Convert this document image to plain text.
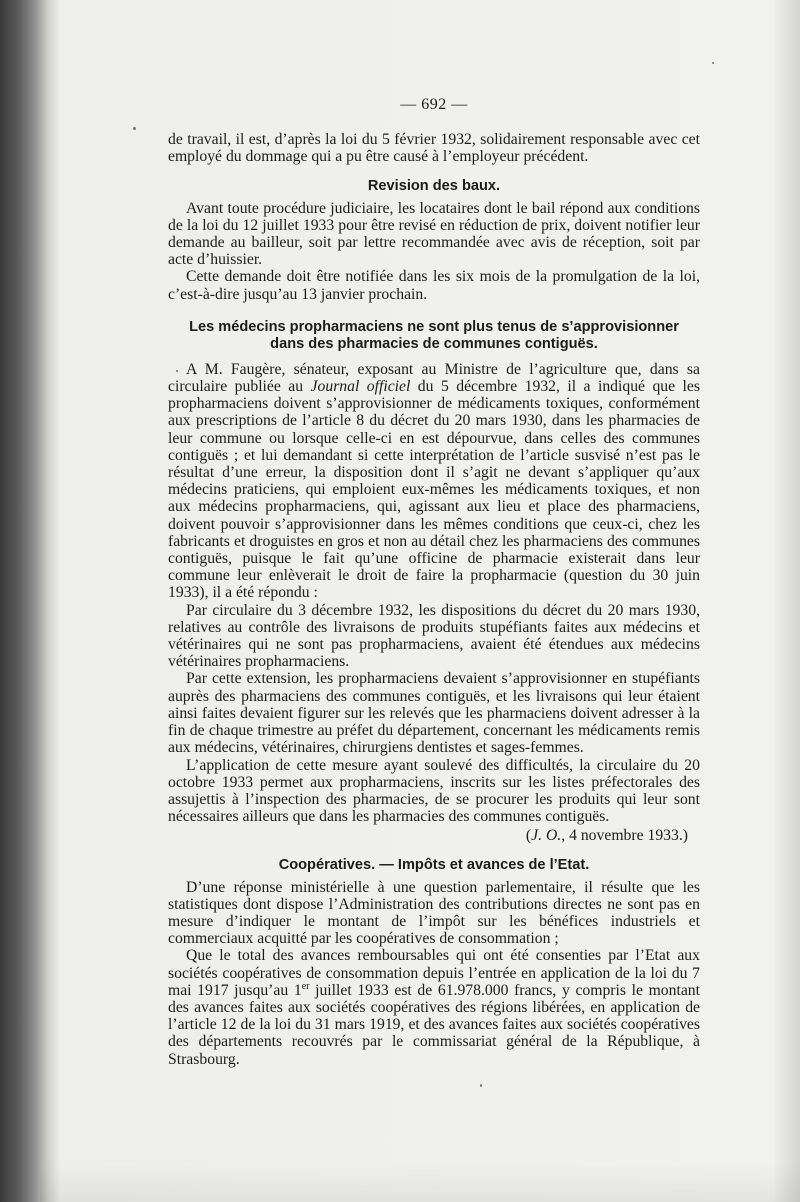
— 692 —

de travail, il est, d’après la loi du 5 février 1932, solidairement responsable avec cet employé du dommage qui a pu être causé à l’employeur précédent.

Revision des baux.

Avant toute procédure judiciaire, les locataires dont le bail répond aux conditions de la loi du 12 juillet 1933 pour être revisé en réduction de prix, doivent notifier leur demande au bailleur, soit par lettre recommandée avec avis de réception, soit par acte d’huissier.

Cette demande doit être notifiée dans les six mois de la promulgation de la loi, c’est-à-dire jusqu’au 13 janvier prochain.

Les médecins propharmaciens ne sont plus tenus de s’approvisionner
dans des pharmacies de communes contiguës.

A M. Faugère, sénateur, exposant au Ministre de l’agriculture que, dans sa circulaire publiée au Journal officiel du 5 décembre 1932, il a indiqué que les propharmaciens doivent s’approvisionner de médicaments toxiques, conformément aux prescriptions de l’article 8 du décret du 20 mars 1930, dans les pharmacies de leur commune ou lorsque celle-ci en est dépourvue, dans celles des communes contiguës ; et lui demandant si cette interprétation de l’article susvisé n’est pas le résultat d’une erreur, la disposition dont il s’agit ne devant s’appliquer qu’aux médecins praticiens, qui emploient eux-mêmes les médicaments toxiques, et non aux médecins propharmaciens, qui, agissant aux lieu et place des pharmaciens, doivent pouvoir s’approvisionner dans les mêmes conditions que ceux-ci, chez les fabricants et droguistes en gros et non au détail chez les pharmaciens des communes contiguës, puisque le fait qu’une officine de pharmacie existerait dans leur commune leur enlèverait le droit de faire la propharmacie (question du 30 juin 1933), il a été répondu :

Par circulaire du 3 décembre 1932, les dispositions du décret du 20 mars 1930, relatives au contrôle des livraisons de produits stupéfiants faites aux médecins et vétérinaires qui ne sont pas propharmaciens, avaient été étendues aux médecins vétérinaires propharmaciens.

Par cette extension, les propharmaciens devaient s’approvisionner en stupéfiants auprès des pharmaciens des communes contiguës, et les livraisons qui leur étaient ainsi faites devaient figurer sur les relevés que les pharmaciens doivent adresser à la fin de chaque trimestre au préfet du département, concernant les médicaments remis aux médecins, vétérinaires, chirurgiens dentistes et sages-femmes.

L’application de cette mesure ayant soulevé des difficultés, la circulaire du 20 octobre 1933 permet aux propharmaciens, inscrits sur les listes préfectorales des assujettis à l’inspection des pharmacies, de se procurer les produits qui leur sont nécessaires ailleurs que dans les pharmacies des communes contiguës.

(J. O., 4 novembre 1933.)
Coopératives. — Impôts et avances de l’Etat.

D’une réponse ministérielle à une question parlementaire, il résulte que les statistiques dont dispose l’Administration des contributions directes ne sont pas en mesure d’indiquer le montant de l’impôt sur les bénéfices industriels et commerciaux acquitté par les coopératives de consommation ;

Que le total des avances remboursables qui ont été consenties par l’Etat aux sociétés coopératives de consommation depuis l’entrée en application de la loi du 7 mai 1917 jusqu’au 1er juillet 1933 est de 61.978.000 francs, y compris le montant des avances faites aux sociétés coopératives des régions libérées, en application de l’article 12 de la loi du 31 mars 1919, et des avances faites aux sociétés coopératives des départements recouvrés par le commissariat général de la République, à Strasbourg.
